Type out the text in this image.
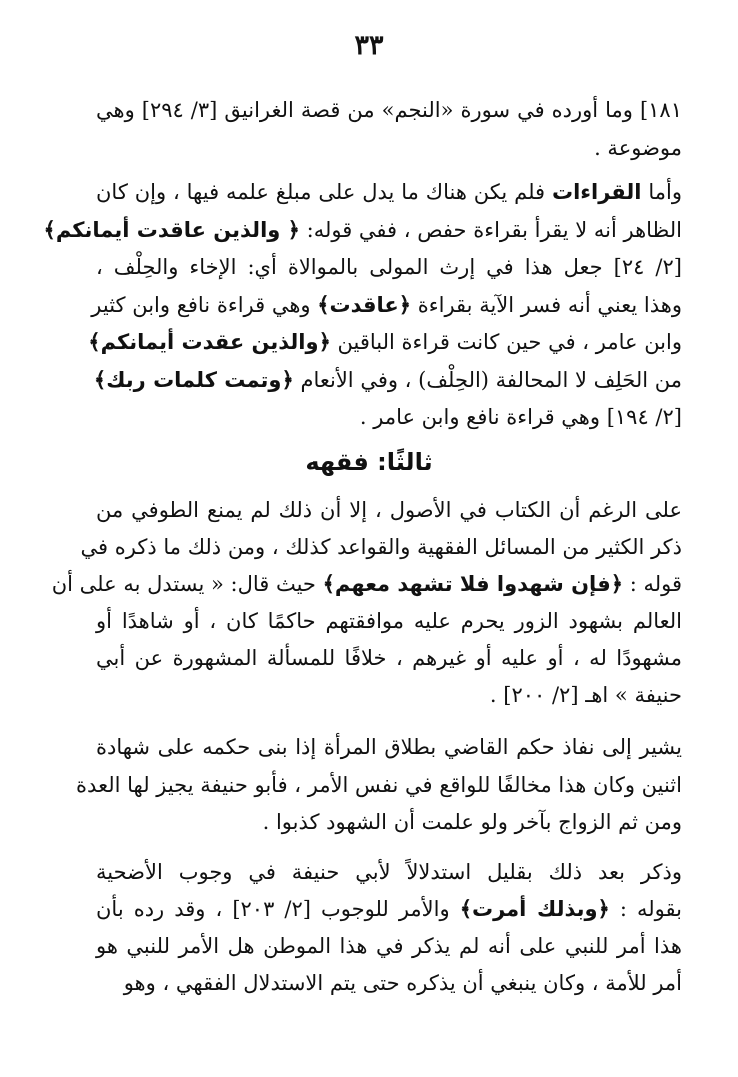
٣٣
١٨١] وما أورده في سورة «النجم» من قصة الغرانيق [٣/ ٢٩٤] وهي
موضوعة .
وأما القراءات فلم يكن هناك ما يدل على مبلغ علمه فيها ، وإن كان
الظاهر أنه لا يقرأ بقراءة حفص ، ففي قوله: ﴿ والذين عاقدت أيمانكم﴾
[٢/ ٢٤] جعل هذا في إرث المولى بالموالاة أي: الإخاء والحِلْف ،
وهذا يعني أنه فسر الآية بقراءة ﴿عاقدت﴾ وهي قراءة نافع وابن كثير
وابن عامر ، في حين كانت قراءة الباقين ﴿والذين عقدت أيمانكم﴾
من الحَلِف لا المحالفة (الحِلْف) ، وفي الأنعام ﴿وتمت كلمات ربك﴾
[٢/ ١٩٤] وهي قراءة نافع وابن عامر .
ثالثًا: فقهه
على الرغم أن الكتاب في الأصول ، إلا أن ذلك لم يمنع الطوفي من
ذكر الكثير من المسائل الفقهية والقواعد كذلك ، ومن ذلك ما ذكره في
قوله : ﴿فإن شهدوا فلا تشهد معهم﴾ حيث قال: « يستدل به على أن
العالم بشهود الزور يحرم عليه موافقتهم حاكمًا كان ، أو شاهدًا أو
مشهودًا له ، أو عليه أو غيرهم ، خلافًا للمسألة المشهورة عن أبي
حنيفة » اهـ [٢/ ٢٠٠] .
يشير إلى نفاذ حكم القاضي بطلاق المرأة إذا بنى حكمه على شهادة
اثنين وكان هذا مخالفًا للواقع في نفس الأمر ، فأبو حنيفة يجيز لها العدة
ومن ثم الزواج بآخر ولو علمت أن الشهود كذبوا .
وذكر بعد ذلك بقليل استدلالاً لأبي حنيفة في وجوب الأضحية
بقوله : ﴿وبذلك أمرت﴾ والأمر للوجوب [٢/ ٢٠٣] ، وقد رده بأن
هذا أمر للنبي على أنه لم يذكر في هذا الموطن هل الأمر للنبي هو
أمر للأمة ، وكان ينبغي أن يذكره حتى يتم الاستدلال الفقهي ، وهو
